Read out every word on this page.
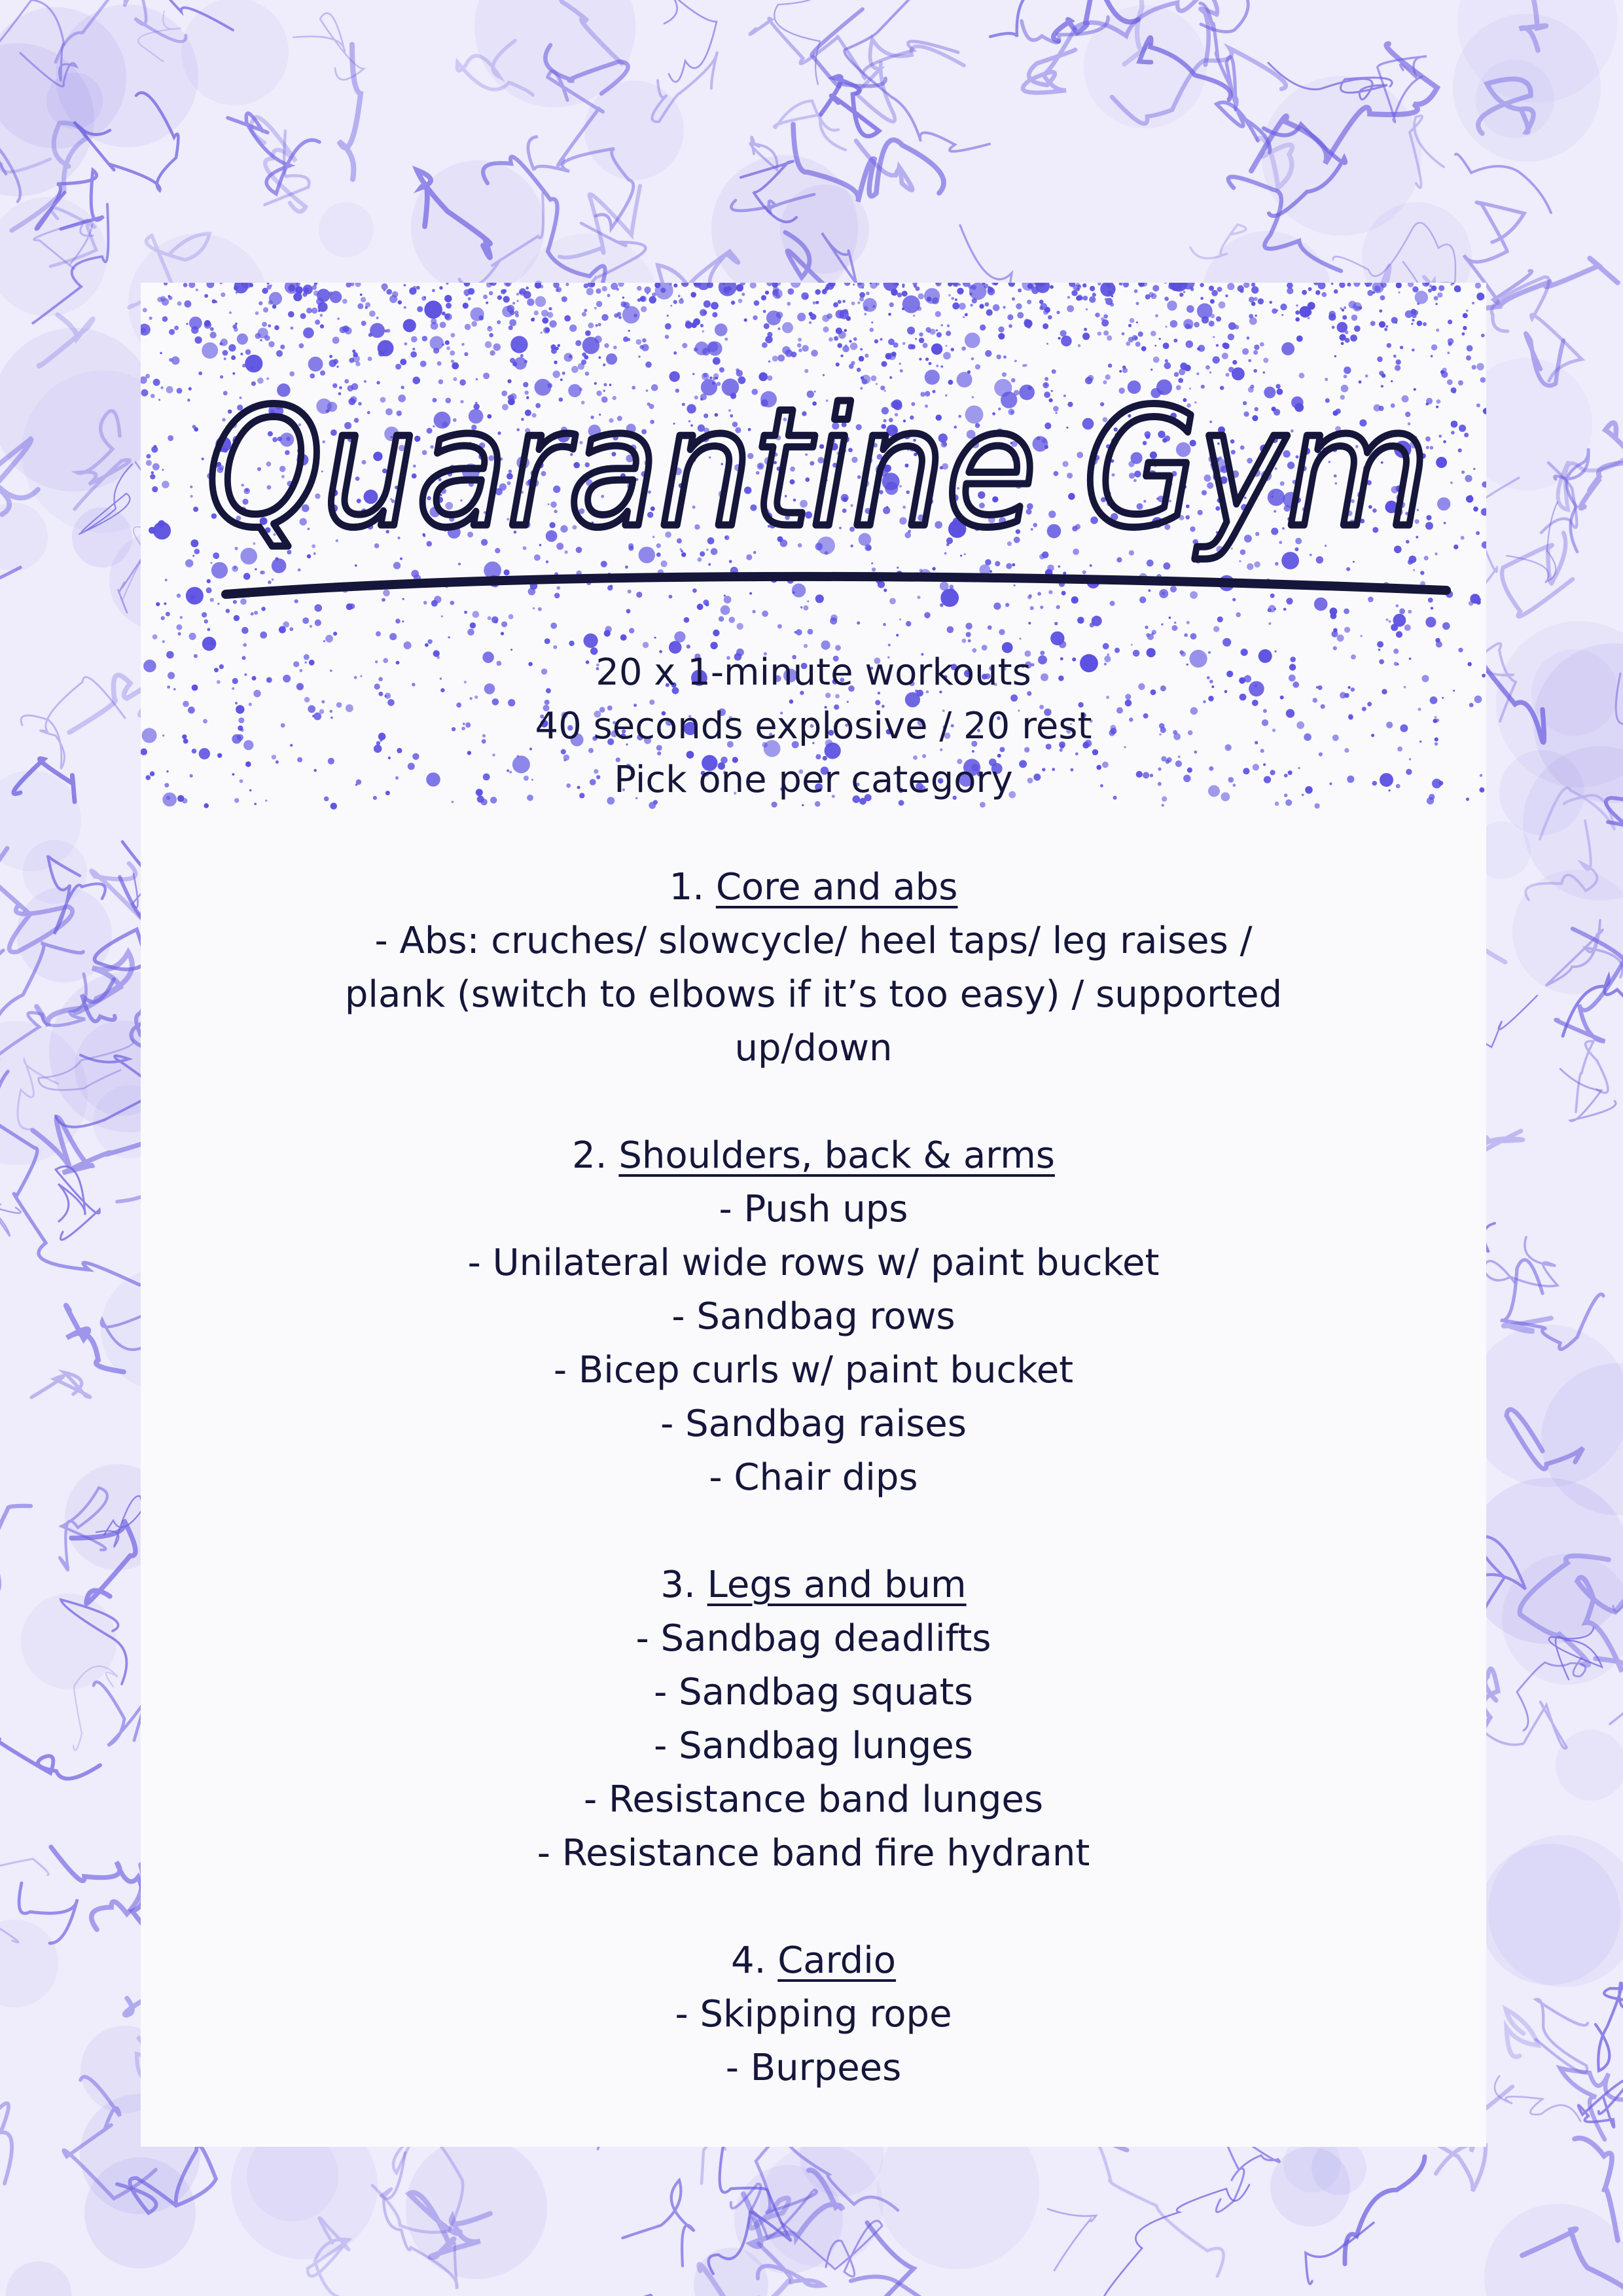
Quarantine Gym
20 x 1-minute workouts
40 seconds explosive / 20 rest
Pick one per category
1. Core and abs
- Abs: cruches/ slowcycle/ heel taps/ leg raises /
plank (switch to elbows if it’s too easy) / supported
up/down
2. Shoulders, back & arms
- Push ups
- Unilateral wide rows w/ paint bucket
- Sandbag rows
- Bicep curls w/ paint bucket
- Sandbag raises
- Chair dips
3. Legs and bum
- Sandbag deadlifts
- Sandbag squats
- Sandbag lunges
- Resistance band lunges
- Resistance band fire hydrant
4. Cardio
- Skipping rope
- Burpees
